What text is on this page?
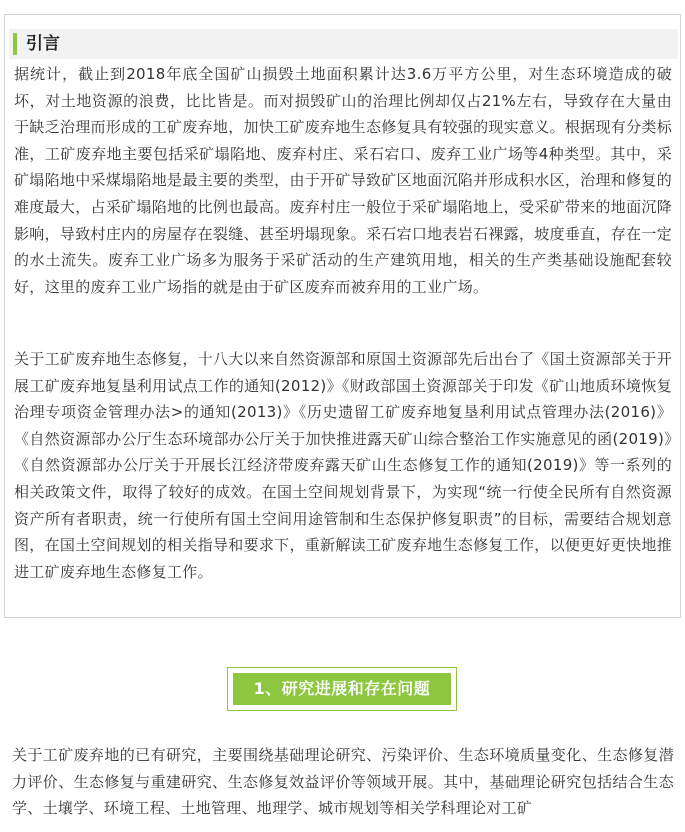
引言

据统计，截止到2018年底全国矿山损毁土地面积累计达3.6万平方公里，对生态环境造成的破坏，对土地资源的浪费，比比皆是。而对损毁矿山的治理比例却仅占21%左右，导致存在大量由于缺乏治理而形成的工矿废弃地，加快工矿废弃地生态修复具有较强的现实意义。根据现有分类标准，工矿废弃地主要包括采矿塌陷地、废弃村庄、采石宕口、废弃工业广场等4种类型。其中，采矿塌陷地中采煤塌陷地是最主要的类型，由于开矿导致矿区地面沉陷并形成积水区，治理和修复的难度最大，占采矿塌陷地的比例也最高。废弃村庄一般位于采矿塌陷地上，受采矿带来的地面沉降影响，导致村庄内的房屋存在裂缝、甚至坍塌现象。采石宕口地表岩石裸露，坡度垂直，存在一定的水土流失。废弃工业广场多为服务于采矿活动的生产建筑用地，相关的生产类基础设施配套较好，这里的废弃工业广场指的就是由于矿区废弃而被弃用的工业广场。

关于工矿废弃地生态修复，十八大以来自然资源部和原国土资源部先后出台了《国土资源部关于开展工矿废弃地复垦利用试点工作的通知(2012)》《财政部国土资源部关于印发《矿山地质环境恢复治理专项资金管理办法>的通知(2013)》《历史遗留工矿废弃地复垦利用试点管理办法(2016)》《自然资源部办公厅生态环境部办公厅关于加快推进露天矿山综合整治工作实施意见的函(2019)》《自然资源部办公厅关于开展长江经济带废弃露天矿山生态修复工作的通知(2019)》等一系列的相关政策文件，取得了较好的成效。在国土空间规划背景下，为实现“统一行使全民所有自然资源资产所有者职责，统一行使所有国土空间用途管制和生态保护修复职责”的目标，需要结合规划意图，在国土空间规划的相关指导和要求下，重新解读工矿废弃地生态修复工作，以便更好更快地推进工矿废弃地生态修复工作。

1、研究进展和存在问题

关于工矿废弃地的已有研究，主要围绕基础理论研究、污染评价、生态环境质量变化、生态修复潜力评价、生态修复与重建研究、生态修复效益评价等领域开展。其中，基础理论研究包括结合生态学、土壤学、环境工程、土地管理、地理学、城市规划等相关学科理论对工矿
